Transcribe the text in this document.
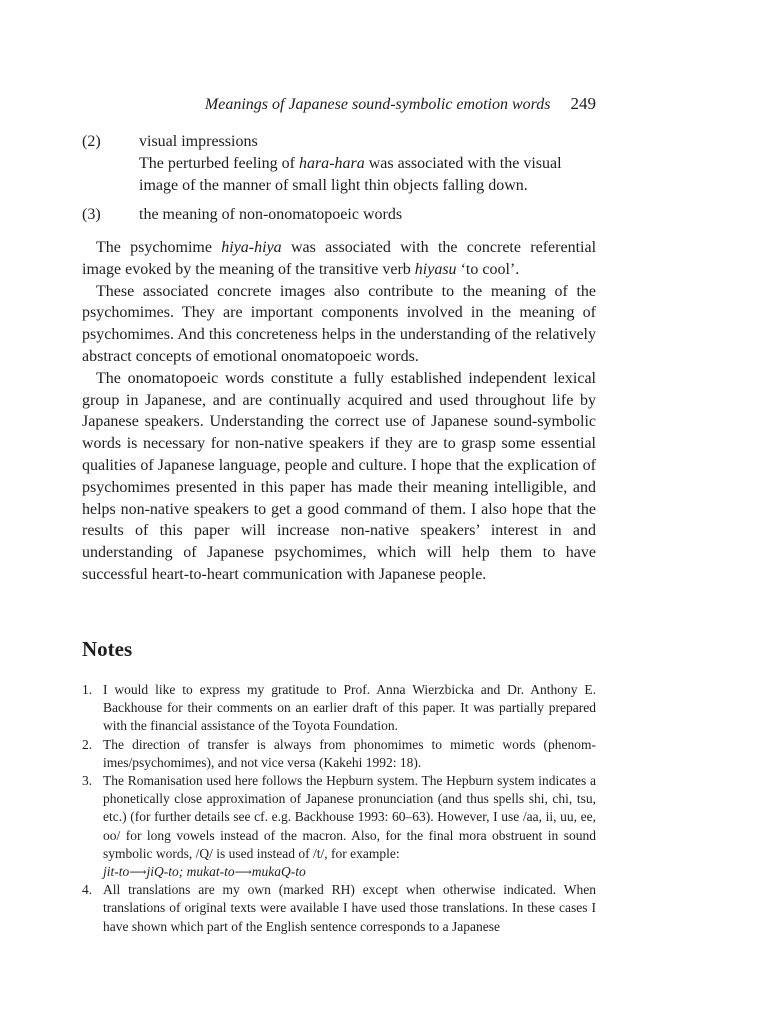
Meanings of Japanese sound-symbolic emotion words 249
(2) visual impressions
The perturbed feeling of hara-hara was associated with the visual image of the manner of small light thin objects falling down.
(3) the meaning of non-onomatopoeic words

The psychomime hiya-hiya was associated with the concrete referential image evoked by the meaning of the transitive verb hiyasu ‘to cool’.

These associated concrete images also contribute to the meaning of the psychomimes. They are important components involved in the meaning of psychomimes. And this concreteness helps in the understanding of the relatively abstract concepts of emotional onomatopoeic words.

The onomatopoeic words constitute a fully established independent lexical group in Japanese, and are continually acquired and used throughout life by Japanese speakers. Understanding the correct use of Japanese sound-symbolic words is necessary for non-native speakers if they are to grasp some essential qualities of Japanese language, people and culture. I hope that the explication of psychomimes presented in this paper has made their meaning intelligible, and helps non-native speakers to get a good command of them. I also hope that the results of this paper will increase non-native speakers’ interest in and understanding of Japanese psychomimes, which will help them to have successful heart-to-heart communication with Japanese people.

Notes
1. I would like to express my gratitude to Prof. Anna Wierzbicka and Dr. Anthony E. Backhouse for their comments on an earlier draft of this paper. It was partially prepared with the financial assistance of the Toyota Foundation.
2. The direction of transfer is always from phonomimes to mimetic words (phenomimes/psychomimes), and not vice versa (Kakehi 1992: 18).
3. The Romanisation used here follows the Hepburn system. The Hepburn system indicates a phonetically close approximation of Japanese pronunciation (and thus spells shi, chi, tsu, etc.) (for further details see cf. e.g. Backhouse 1993: 60–63). However, I use /aa, ii, uu, ee, oo/ for long vowels instead of the macron. Also, for the final mora obstruent in sound symbolic words, /Q/ is used instead of /t/, for example:
jit-to⟶jiQ-to; mukat-to⟶mukaQ-to
4. All translations are my own (marked RH) except when otherwise indicated. When translations of original texts were available I have used those translations. In these cases I have shown which part of the English sentence corresponds to a Japanese
